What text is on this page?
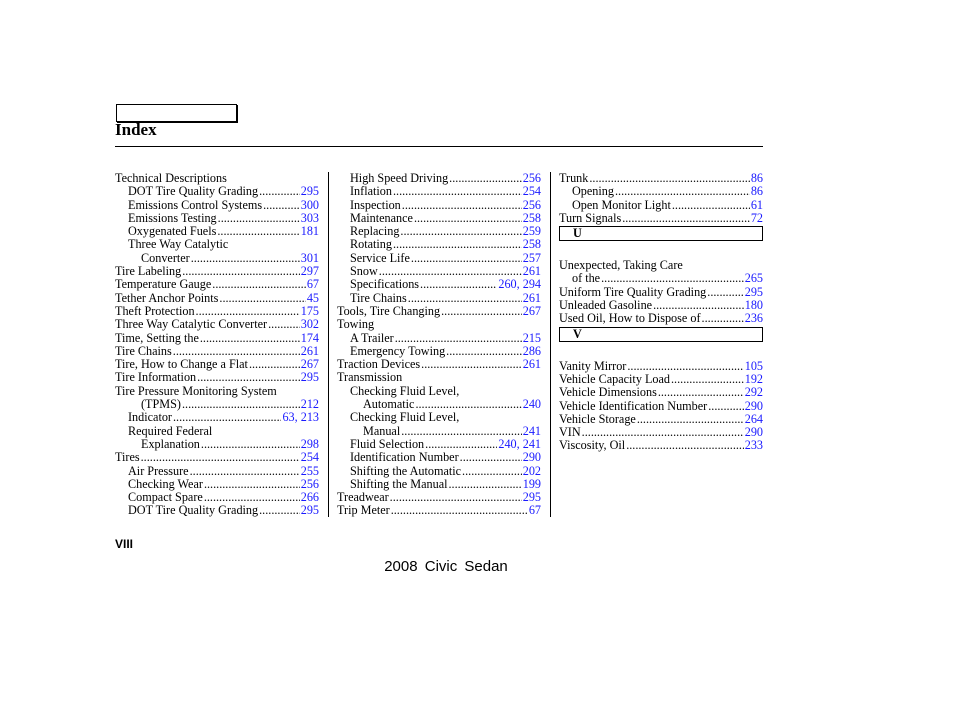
Index
Technical Descriptions
DOT Tire Quality Grading .....	295
Emissions Control Systems .....	300
Emissions Testing .....	303
Oxygenated Fuels .....	181
Three Way Catalytic
Converter .....	301
Tire Labeling .....	297
Temperature Gauge .....	67
Tether Anchor Points .....	45
Theft Protection .....	175
Three Way Catalytic Converter .....	302
Time, Setting the .....	174
Tire Chains .....	261
Tire, How to Change a Flat .....	267
Tire Information .....	295
Tire Pressure Monitoring System
(TPMS) .....	212
Indicator .....	63, 213
Required Federal
Explanation .....	298
Tires .....	254
Air Pressure .....	255
Checking Wear .....	256
Compact Spare .....	266
DOT Tire Quality Grading .....	295
High Speed Driving .....	256
Inflation .....	254
Inspection .....	256
Maintenance .....	258
Replacing .....	259
Rotating .....	258
Service Life .....	257
Snow .....	261
Specifications .....	260, 294
Tire Chains .....	261
Tools, Tire Changing .....	267
Towing
A Trailer .....	215
Emergency Towing .....	286
Traction Devices .....	261
Transmission
Checking Fluid Level,
Automatic .....	240
Checking Fluid Level,
Manual .....	241
Fluid Selection .....	240, 241
Identification Number .....	290
Shifting the Automatic .....	202
Shifting the Manual .....	199
Treadwear .....	295
Trip Meter .....	67
Trunk .....	86
Opening .....	86
Open Monitor Light .....	61
Turn Signals .....	72
U
Unexpected, Taking Care
of the .....	265
Uniform Tire Quality Grading .....	295
Unleaded Gasoline .....	180
Used Oil, How to Dispose of .....	236
V
Vanity Mirror .....	105
Vehicle Capacity Load .....	192
Vehicle Dimensions .....	292
Vehicle Identification Number .....	290
Vehicle Storage .....	264
VIN .....	290
Viscosity, Oil .....	233
VIII
2008 Civic Sedan
